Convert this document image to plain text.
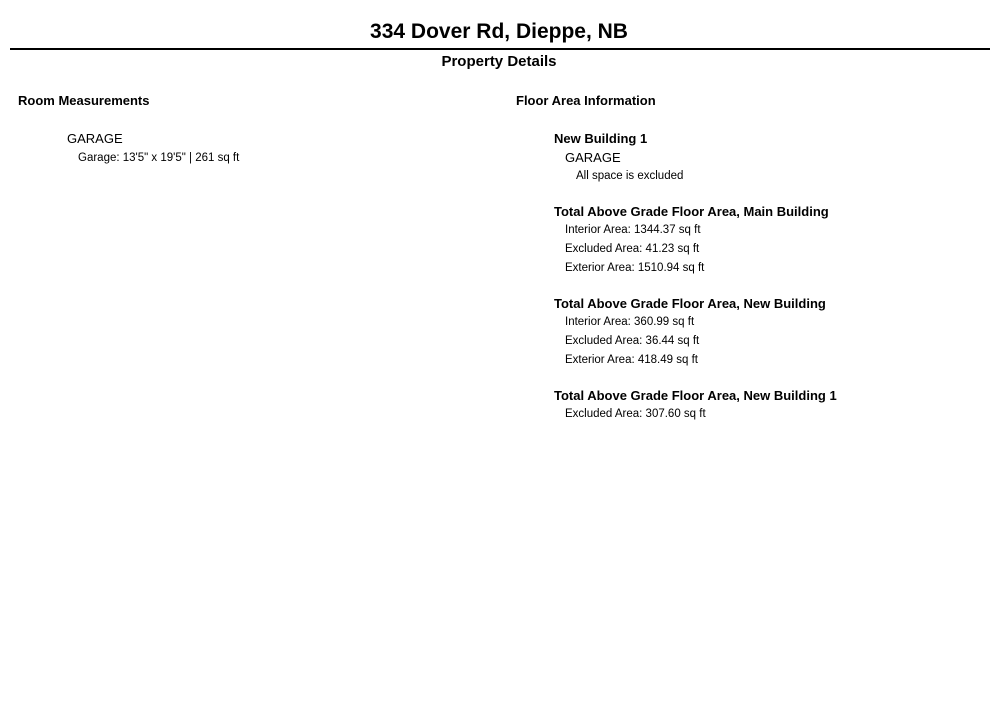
334 Dover Rd, Dieppe, NB
Property Details
Room Measurements	Floor Area Information
GARAGE
Garage: 13'5" x 19'5" | 261 sq ft
New Building 1
GARAGE
All space is excluded
Total Above Grade Floor Area, Main Building
Interior Area: 1344.37 sq ft
Excluded Area: 41.23 sq ft
Exterior Area: 1510.94 sq ft
Total Above Grade Floor Area, New Building
Interior Area: 360.99 sq ft
Excluded Area: 36.44 sq ft
Exterior Area: 418.49 sq ft
Total Above Grade Floor Area, New Building 1
Excluded Area: 307.60 sq ft
